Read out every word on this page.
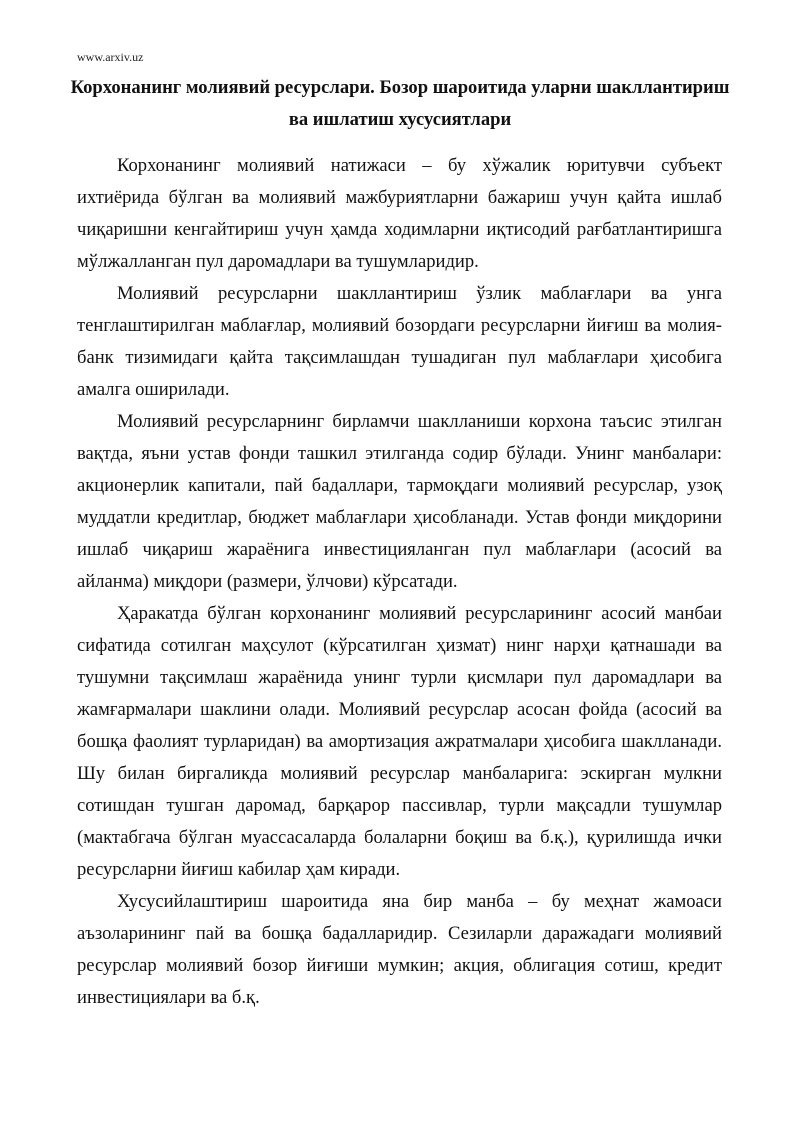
www.arxiv.uz
Корхонанинг молиявий ресурслари. Бозор шароитида уларни шакллантириш ва ишлатиш хусусиятлари

Корхонанинг молиявий натижаси – бу хўжалик юритувчи субъект ихтиёрида бўлган ва молиявий мажбуриятларни бажариш учун қайта ишлаб чиқаришни кенгайтириш учун ҳамда ходимларни иқтисодий рағбатлантиришга мўлжалланган пул даромадлари ва тушумларидир.

Молиявий ресурсларни шакллантириш ўзлик маблағлари ва унга тенглаштирилган маблағлар, молиявий бозордаги ресурсларни йиғиш ва молия-банк тизимидаги қайта тақсимлашдан тушадиган пул маблағлари ҳисобига амалга оширилади.

Молиявий ресурсларнинг бирламчи шаклланиши корхона таъсис этилган вақтда, яъни устав фонди ташкил этилганда содир бўлади. Унинг манбалари: акционерлик капитали, пай бадаллари, тармоқдаги молиявий ресурслар, узоқ муддатли кредитлар, бюджет маблағлари ҳисобланади. Устав фонди миқдорини ишлаб чиқариш жараёнига инвестицияланган пул маблағлари (асосий ва айланма) миқдори (размери, ўлчови) кўрсатади.

Ҳаракатда бўлган корхонанинг молиявий ресурсларининг асосий манбаи сифатида сотилган маҳсулот (кўрсатилган ҳизмат) нинг нарҳи қатнашади ва тушумни тақсимлаш жараёнида унинг турли қисмлари пул даромадлари ва жамғармалари шаклини олади. Молиявий ресурслар асосан фойда (асосий ва бошқа фаолият турларидан) ва амортизация ажратмалари ҳисобига шаклланади. Шу билан биргаликда молиявий ресурслар манбаларига: эскирган мулкни сотишдан тушган даромад, барқарор пассивлар, турли мақсадли тушумлар (мактабгача бўлган муассасаларда болаларни боқиш ва б.қ.), қурилишда ички ресурсларни йиғиш кабилар ҳам киради.

Хусусийлаштириш шароитида яна бир манба – бу меҳнат жамоаси аъзоларининг пай ва бошқа бадалларидир. Сезиларли даражадаги молиявий ресурслар молиявий бозор йиғиши мумкин; акция, облигация сотиш, кредит инвестициялари ва б.қ.
